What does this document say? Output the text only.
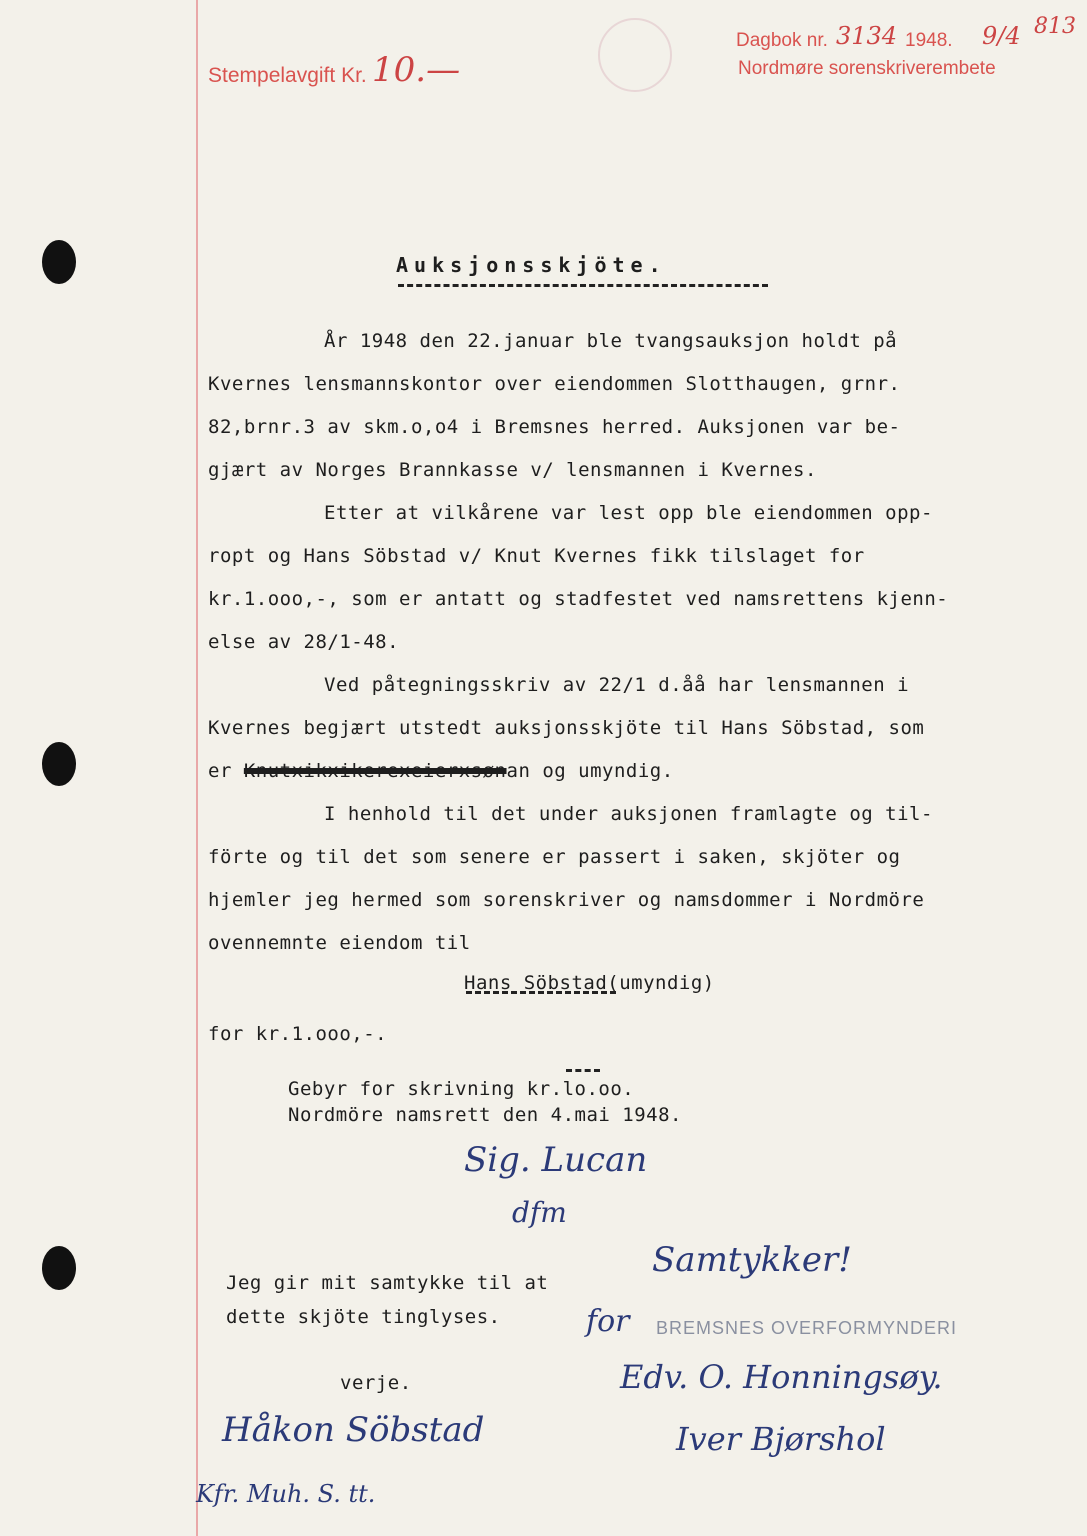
Stempelavgift Kr. 10.—
Dagbok nr. 3134 1948. 9/4 813
Nordmøre sorenskriverembete
Auksjonsskjöte.
År 1948 den 22.januar ble tvangsauksjon holdt på
Kvernes lensmannskontor over eiendommen Slotthaugen, grnr.
82,brnr.3 av skm.o,o4 i Bremsnes herred. Auksjonen var be-
gjært av Norges Brannkasse v/ lensmannen i Kvernes.
Etter at vilkårene var lest opp ble eiendommen opp-
ropt og Hans Söbstad v/ Knut Kvernes fikk tilslaget for
kr.1.ooo,-, som er antatt og stadfestet ved namsrettens kjenn-
else av 28/1-48.
Ved påtegningsskriv av 22/1 d.åå har lensmannen i
Kvernes begjært utstedt auksjonsskjöte til Hans Söbstad, som
er Knutxikxikerexeierxsønan og umyndig.
I henhold til det under auksjonen framlagte og til-
förte og til det som senere er passert i saken, skjöter og
hjemler jeg hermed som sorenskriver og namsdommer i Nordmöre
ovennemnte eiendom til
Hans Söbstad(umyndig)
for kr.1.ooo,-.
Gebyr for skrivning kr.lo.oo.
Nordmöre namsrett den 4.mai 1948.
Sig. Lucan
dfm
Jeg gir mit samtykke til at
dette skjöte tinglyses.
verje.
Samtykker!
for BREMSNES OVERFORMYNDERI
Edv. O. Honningsøy.
Iver Bjørshol
Håkon Söbstad
Kfr. Muh. S. tt.
